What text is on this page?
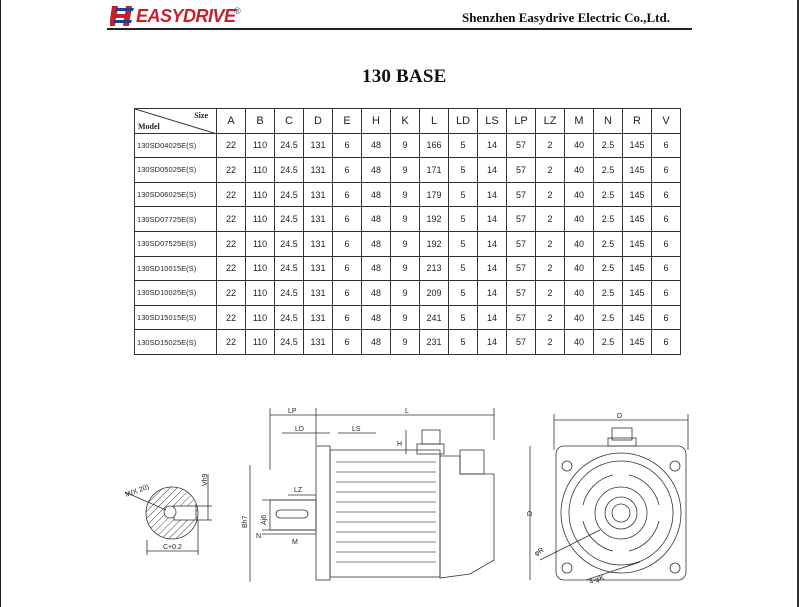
EASYDRIVE
®	Shenzhen Easydrive Electric Co.,Ltd.
130 BASE
Size
Model	A	B	C	D	E	H	K	L	LD	LS	LP	LZ	M	N	R	V
130SD04025E(S)	22	110	24.5	131	6	48	9	166	5	14	57	2	40	2.5	145	6
130SD05025E(S)	22	110	24.5	131	6	48	9	171	5	14	57	2	40	2.5	145	6
130SD06025E(S)	22	110	24.5	131	6	48	9	179	5	14	57	2	40	2.5	145	6
130SD07725E(S)	22	110	24.5	131	6	48	9	192	5	14	57	2	40	2.5	145	6
130SD07525E(S)	22	110	24.5	131	6	48	9	192	5	14	57	2	40	2.5	145	6
130SD10015E(S)	22	110	24.5	131	6	48	9	213	5	14	57	2	40	2.5	145	6
130SD10025E(S)	22	110	24.5	131	6	48	9	209	5	14	57	2	40	2.5	145	6
130SD15015E(S)	22	110	24.5	131	6	48	9	241	5	14	57	2	40	2.5	145	6
130SD15025E(S)	22	110	24.5	131	6	48	9	231	5	14	57	2	40	2.5	145	6
Vh9
M(X 20)
C+0.2
LP	L
LD	LS
H
Bh7 Aj6
LZ
N
M
D
D
φR
4-φK
